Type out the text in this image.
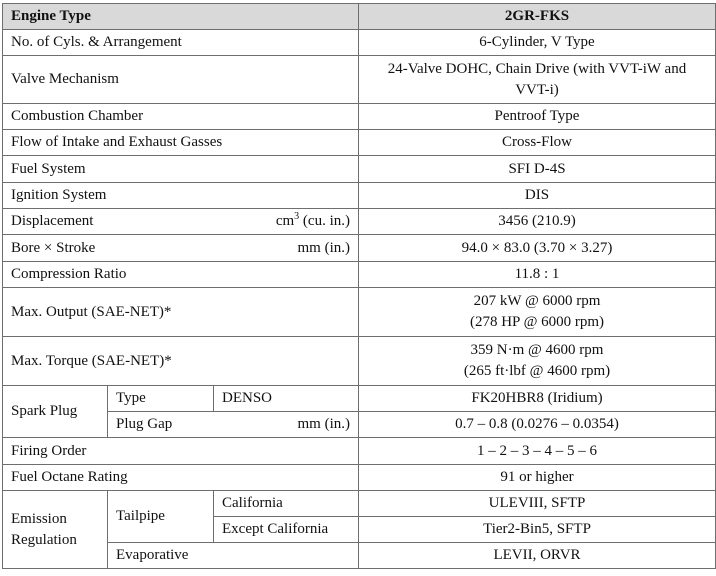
Engine Type			2GR-FKS
No. of Cyls. & Arrangement			6-Cylinder, V Type
Valve Mechanism			24-Valve DOHC, Chain Drive (with VVT-iW and
VVT-i)
Combustion Chamber			Pentroof Type
Flow of Intake and Exhaust Gasses			Cross-Flow
Fuel System			SFI D-4S
Ignition System			DIS
Displacement $cm^3$ (cu. in.)			3456 (210.9)
Bore × Stroke mm (in.)			94.0 × 83.0 (3.70 × 3.27)
Compression Ratio			11.8 : 1
Max. Output (SAE-NET)*			207 kW @ 6000 rpm
(278 HP @ 6000 rpm)
Max. Torque (SAE-NET)*			359 N·m @ 4600 rpm
(265 ft·lbf @ 4600 rpm)
Spark Plug	Type	DENSO	FK20HBR8 (Iridium)
	Plug Gap mm (in.)		0.7 – 0.8 (0.0276 – 0.0354)
Firing Order			1 – 2 – 3 – 4 – 5 – 6
Fuel Octane Rating			91 or higher
Emission
Regulation	Tailpipe	California	ULEVIII, SFTP
		Except California	Tier2-Bin5, SFTP
	Evaporative		LEVII, ORVR
